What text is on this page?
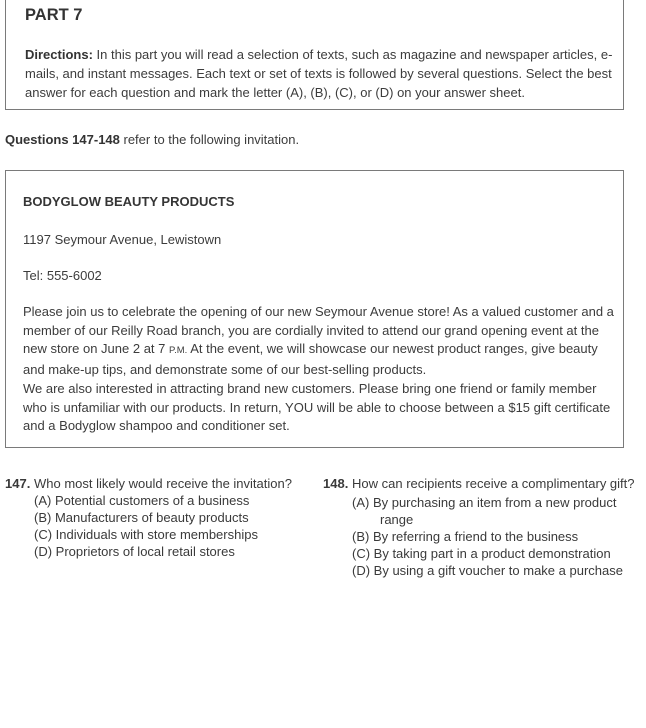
PART 7
Directions: In this part you will read a selection of texts, such as magazine and newspaper articles, e-mails, and instant messages. Each text or set of texts is followed by several questions. Select the best answer for each question and mark the letter (A), (B), (C), or (D) on your answer sheet.
Questions 147-148 refer to the following invitation.
BODYGLOW BEAUTY PRODUCTS
1197 Seymour Avenue, Lewistown
Tel: 555-6002
Please join us to celebrate the opening of our new Seymour Avenue store! As a valued customer and a member of our Reilly Road branch, you are cordially invited to attend our grand opening event at the new store on June 2 at 7 P.M. At the event, we will showcase our newest product ranges, give beauty and make-up tips, and demonstrate some of our best-selling products.
We are also interested in attracting brand new customers. Please bring one friend or family member who is unfamiliar with our products. In return, YOU will be able to choose between a $15 gift certificate and a Bodyglow shampoo and conditioner set.
147. Who most likely would receive the invitation?
(A) Potential customers of a business
(B) Manufacturers of beauty products
(C) Individuals with store memberships
(D) Proprietors of local retail stores
148. How can recipients receive a complimentary gift?
(A) By purchasing an item from a new product range
(B) By referring a friend to the business
(C) By taking part in a product demonstration
(D) By using a gift voucher to make a purchase
